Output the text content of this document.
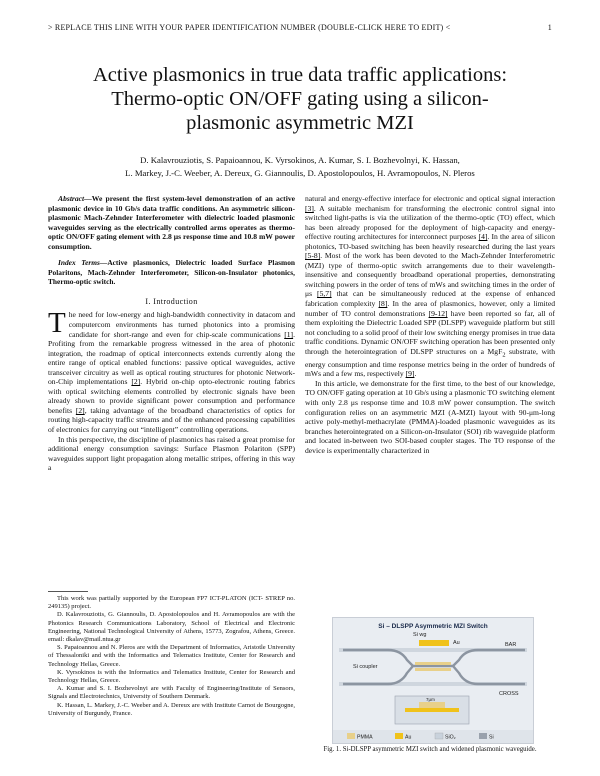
> REPLACE THIS LINE WITH YOUR PAPER IDENTIFICATION NUMBER (DOUBLE-CLICK HERE TO EDIT) <	1
Active plasmonics in true data traffic applications: Thermo-optic ON/OFF gating using a silicon-plasmonic asymmetric MZI
D. Kalavrouziotis, S. Papaioannou, K. Vyrsokinos, A. Kumar, S. I. Bozhevolnyi, K. Hassan,
L. Markey, J.-C. Weeber, A. Dereux, G. Giannoulis, D. Apostolopoulos, H. Avramopoulos, N. Pleros

Abstract—We present the first system-level demonstration of an active plasmonic device in 10 Gb/s data traffic conditions. An asymmetric silicon-plasmonic Mach-Zehnder Interferometer with dielectric loaded plasmonic waveguides serving as the electrically controlled arms operates as thermo-optic ON/OFF gating element with 2.8 μs response time and 10.8 mW power consumption.

Index Terms—Active plasmonics, Dielectric loaded Surface Plasmon Polaritons, Mach-Zehnder Interferometer, Silicon-on-Insulator photonics, Thermo-optic switch.

I. Introduction

The need for low-energy and high-bandwidth connectivity in datacom and computercom environments has turned photonics into a promising candidate for short-range and even for chip-scale communications [1]. Profiting from the remarkable progress witnessed in the area of photonic integration, the roadmap of optical interconnects extends currently along the entire range of optical enabled functions: passive optical waveguides, active transceiver circuitry as well as optical routing structures for photonic Network-on-Chip implementations [2]. Hybrid on-chip opto-electronic routing fabrics with optical switching elements controlled by electronic signals have been already shown to provide significant power consumption and performance benefits [2], taking advantage of the broadband characteristics of optics for routing high-capacity traffic streams and of the enhanced processing capabilities of electronics for carrying out “intelligent” controlling operations.

In this perspective, the discipline of plasmonics has raised a great promise for additional energy consumption savings: Surface Plasmon Polariton (SPP) waveguides support light propagation along metallic stripes, offering in this way a

This work was partially supported by the European FP7 ICT-PLATON (ICT- STREP no. 249135) project.

D. Kalavrouziotis, G. Giannoulis, D. Apostolopoulos and H. Avramopoulos are with the Photonics Research Communications Laboratory, School of Electrical and Electronic Engineering, National Technological University of Athens, 15773, Zografou, Athens, Greece. email: dkalav@mail.ntua.gr

S. Papaioannou and N. Pleros are with the Department of Informatics, Aristotle University of Thessaloniki and with the Informatics and Telematics Institute, Center for Research and Technology Hellas, Greece.

K. Vyrsokinos is with the Informatics and Telematics Institute, Center for Research and Technology Hellas, Greece.

A. Kumar and S. I. Bozhevolnyi are with Faculty of Engineering/Institute of Sensors, Signals and Electrotechnics, University of Southern Denmark.

K. Hassan, L. Markey, J.-C. Weeber and A. Dereux are with Institute Carnot de Bourgogne, University of Burgundy, France.

natural and energy-effective interface for electronic and optical signal interaction [3]. A suitable mechanism for transforming the electronic control signal into switched light-paths is via the utilization of the thermo-optic (TO) effect, which has been already proposed for the deployment of high-capacity and energy-effective routing architectures for interconnect purposes [4]. In the area of silicon photonics, TO-based switching has been heavily researched during the last years [5-8]. Most of the work has been devoted to the Mach-Zehnder Interferometric (MZI) type of thermo-optic switch arrangements due to their wavelength-insensitive and consequently broadband operational properties, demonstrating switching powers in the order of tens of mWs and switching times in the order of μs [5,7] that can be simultaneously reduced at the expense of enhanced fabrication complexity [8]. In the area of plasmonics, however, only a limited number of TO control demonstrations [9-12] have been reported so far, all of them exploiting the Dielectric Loaded SPP (DLSPP) waveguide platform but still not concluding to a solid proof of their low switching energy promises in true data traffic conditions. Dynamic ON/OFF switching operation has been presented only through the heterointegration of DLSPP structures on a MgF$_2$ substrate, with energy consumption and time response metrics being in the order of hundreds of mWs and a few ms, respectively [9].

In this article, we demonstrate for the first time, to the best of our knowledge, TO ON/OFF gating operation at 10 Gb/s using a plasmonic TO switching element with only 2.8 μs response time and 10.8 mW power consumption. The switch configuration relies on an asymmetric MZI (A-MZI) layout with 90-μm-long active poly-methyl-methacrylate (PMMA)-loaded plasmonic waveguides as its branches heterointegrated on a Silicon-on-Insulator (SOI) rib waveguide platform and located in-between two SOI-based coupler stages. The TO response of the device is experimentally characterized in

Si – DLSPP Asymmetric MZI Switch
Si wg
Au	BAR
Si coupler
CROSS
7μm
PMMA	Au	SiO₂	Si
Fig. 1. Si-DLSPP asymmetric MZI switch and widened plasmonic waveguide.
